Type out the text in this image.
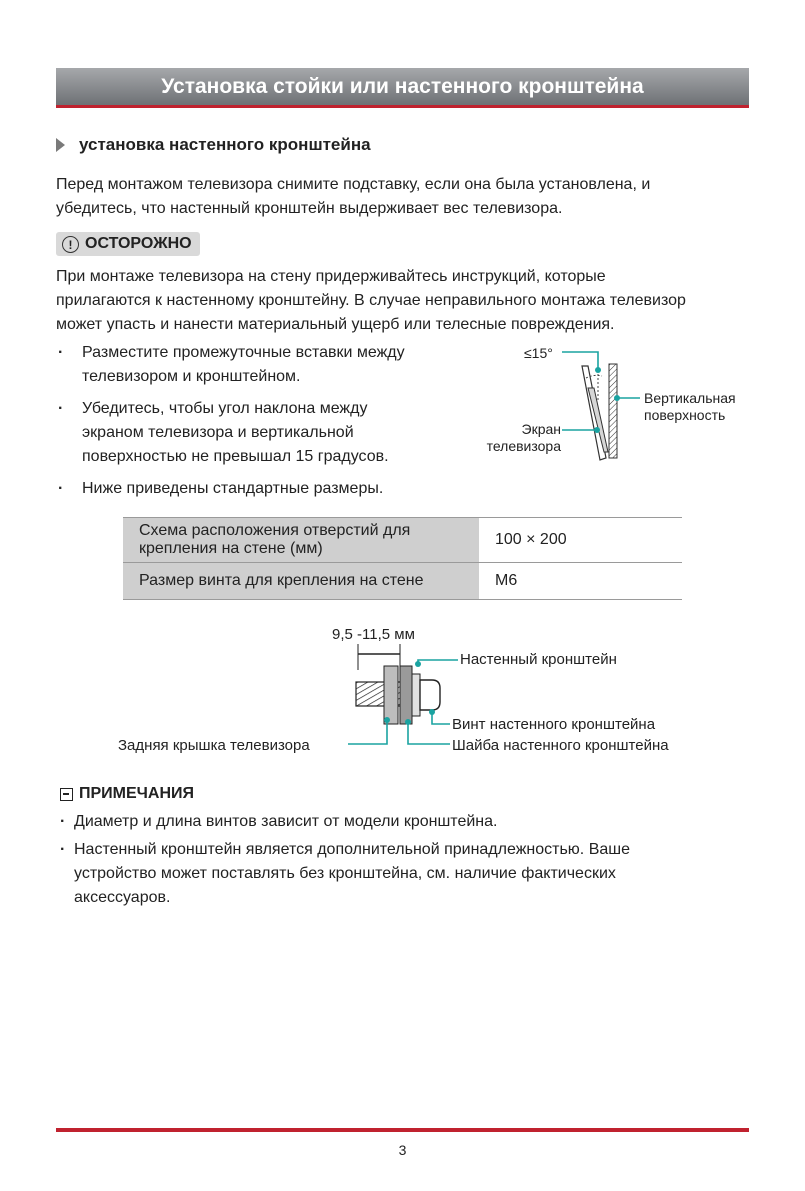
Установка стойки или настенного кронштейна
установка настенного кронштейна
Перед монтажом телевизора снимите подставку, если она была установлена, и
убедитесь, что настенный кронштейн выдерживает вес телевизора.
! ОСТОРОЖНО
При монтаже телевизора на стену придерживайтесь инструкций, которые
прилагаются к настенному кронштейну. В случае неправильного монтажа телевизор
может упасть и нанести материальный ущерб или телесные повреждения.
· Разместите промежуточные вставки между
телевизором и кронштейном.
· Убедитесь, чтобы угол наклона между
экраном телевизора и вертикальной
поверхностью не превышал 15 градусов.
· Ниже приведены стандартные размеры.
≤15°
Вертикальная
поверхность
Экран
телевизора
Схема расположения отверстий для
крепления на стене (мм)	100 × 200
Размер винта для крепления на стене	M6
9,5 -11,5 мм
Настенный кронштейн
Винт настенного кронштейна
Задняя крышка телевизора	Шайба настенного кронштейна
ПРИМЕЧАНИЯ
· Диаметр и длина винтов зависит от модели кронштейна.
· Настенный кронштейн является дополнительной принадлежностью. Ваше
устройство может поставлять без кронштейна, см. наличие фактических
аксессуаров.
3
